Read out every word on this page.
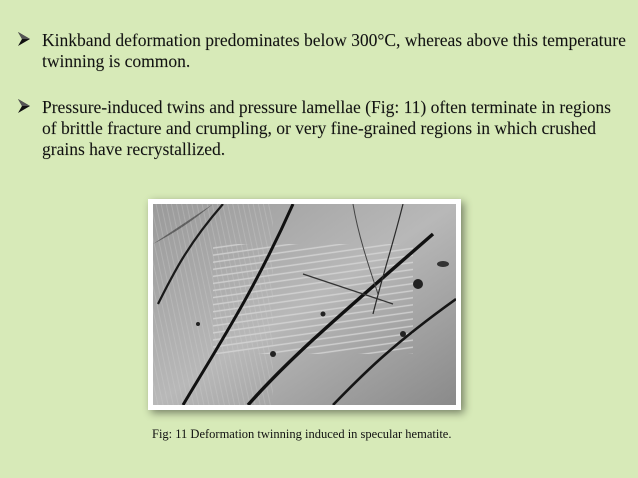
Kinkband deformation predominates below 300°C, whereas above this temperature twinning is common.
Pressure-induced twins and pressure lamellae (Fig: 11) often terminate in regions of brittle fracture and crumpling, or very fine-grained regions in which crushed grains have recrystallized.
Fig: 11 Deformation twinning induced in specular hematite.
